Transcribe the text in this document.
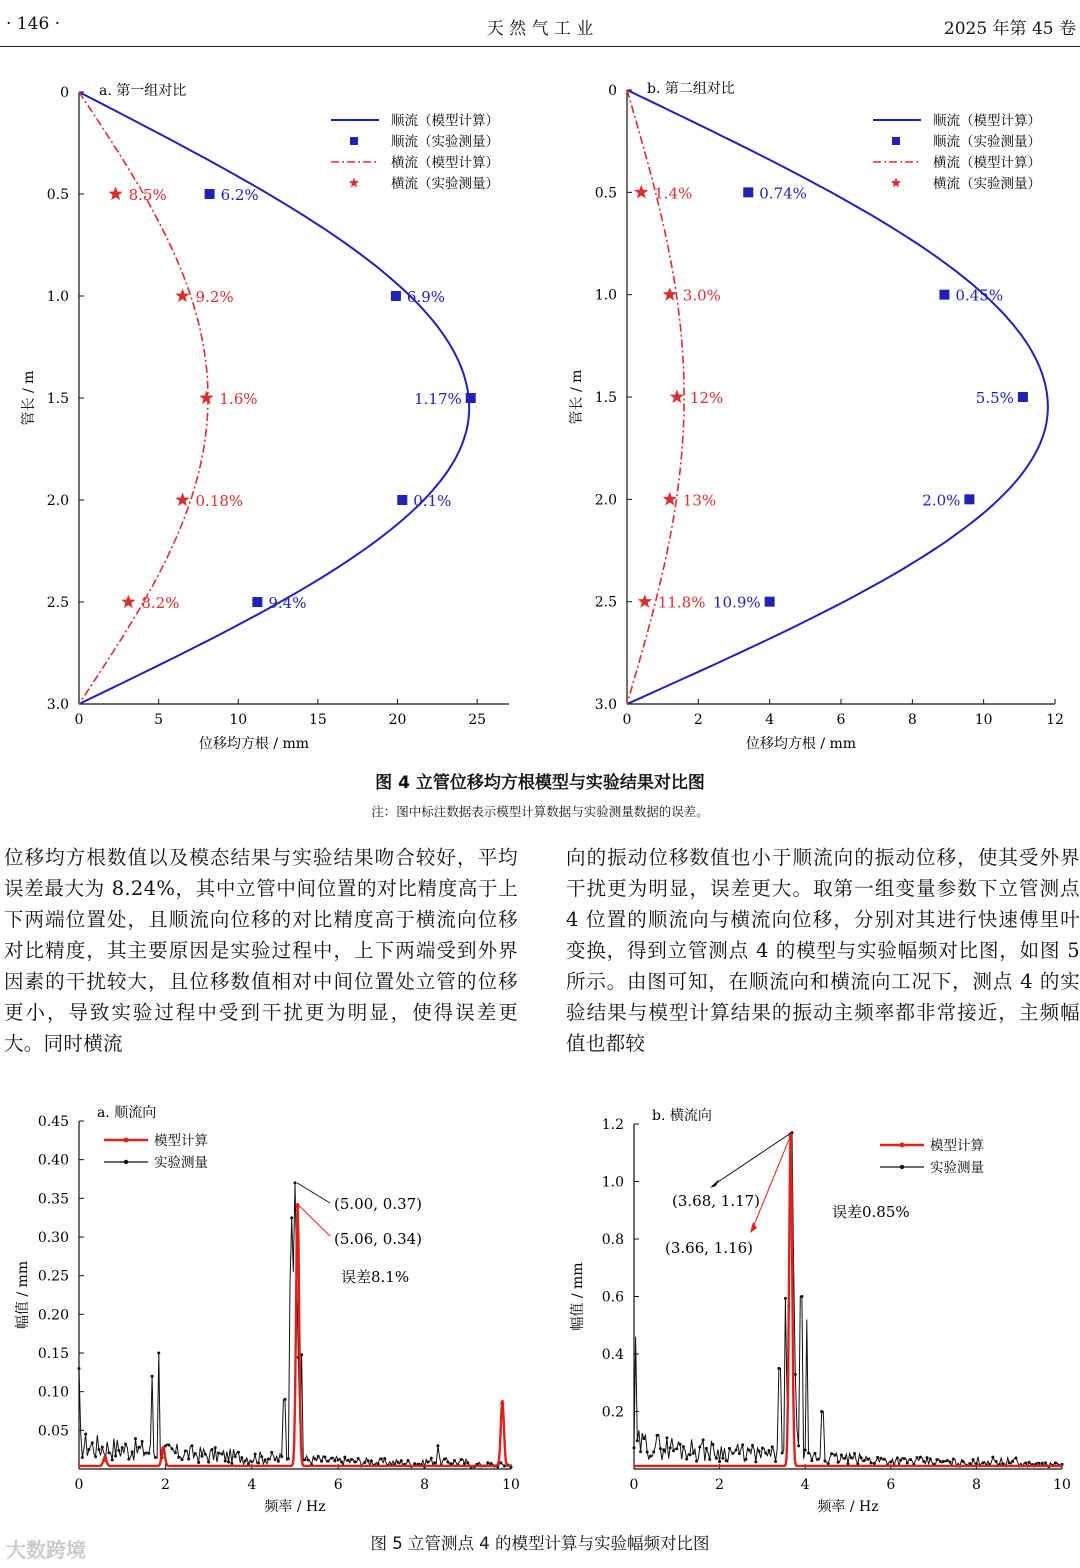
· 146 ·	天 然 气 工 业	2025 年第 45 卷
0	5	10	15	20	25
0
0.5
1.0
1.5
2.0
2.5
3.0
位移均方根 / mm
管长 / m
a. 第一组对比
6.2%
6.9%
1.17%
0.1%
9.4%
8.5%
9.2%
1.6%
0.18%
8.2%
顺流（模型计算）
顺流（实验测量）
横流（模型计算）
横流（实验测量）
0	2	4	6	8	10	12
0
0.5
1.0
1.5
2.0
2.5
3.0
位移均方根 / mm
管长 / m
b. 第二组对比
0.74%
0.45%
5.5%
2.0%
10.9%
1.4%
3.0%
12%
13%
11.8%
顺流（模型计算）
顺流（实验测量）
横流（模型计算）
横流（实验测量）
图 4 立管位移均方根模型与实验结果对比图
注：图中标注数据表示模型计算数据与实验测量数据的误差。
位移均方根数值以及模态结果与实验结果吻合较好，平均误差最大为 8.24%，其中立管中间位置的对比精度高于上下两端位置处，且顺流向位移的对比精度高于横流向位移对比精度，其主要原因是实验过程中，上下两端受到外界因素的干扰较大，且位移数值相对中间位置处立管的位移更小，导致实验过程中受到干扰更为明显，使得误差更大。同时横流
向的振动位移数值也小于顺流向的振动位移，使其受外界干扰更为明显，误差更大。取第一组变量参数下立管测点 4 位置的顺流向与横流向位移，分别对其进行快速傅里叶变换，得到立管测点 4 的模型与实验幅频对比图，如图 5 所示。由图可知，在顺流向和横流向工况下，测点 4 的实验结果与模型计算结果的振动主频率都非常接近，主频幅值也都较
0	2	4	6	8	10
0.05
0.10
0.15
0.20
0.25
0.30
0.35
0.40
0.45
频率 / Hz
幅值 / mm
a. 顺流向
模型计算
实验测量
(5.00, 0.37)
(5.06, 0.34)
误差8.1%
0	2	4	6	8	10
0.2
0.4
0.6
0.8
1.0
1.2
频率 / Hz
幅值 / mm
b. 横流向
模型计算
实验测量
(3.68, 1.17)
(3.66, 1.16)
误差0.85%
图 5 立管测点 4 的模型计算与实验幅频对比图
大数跨境
